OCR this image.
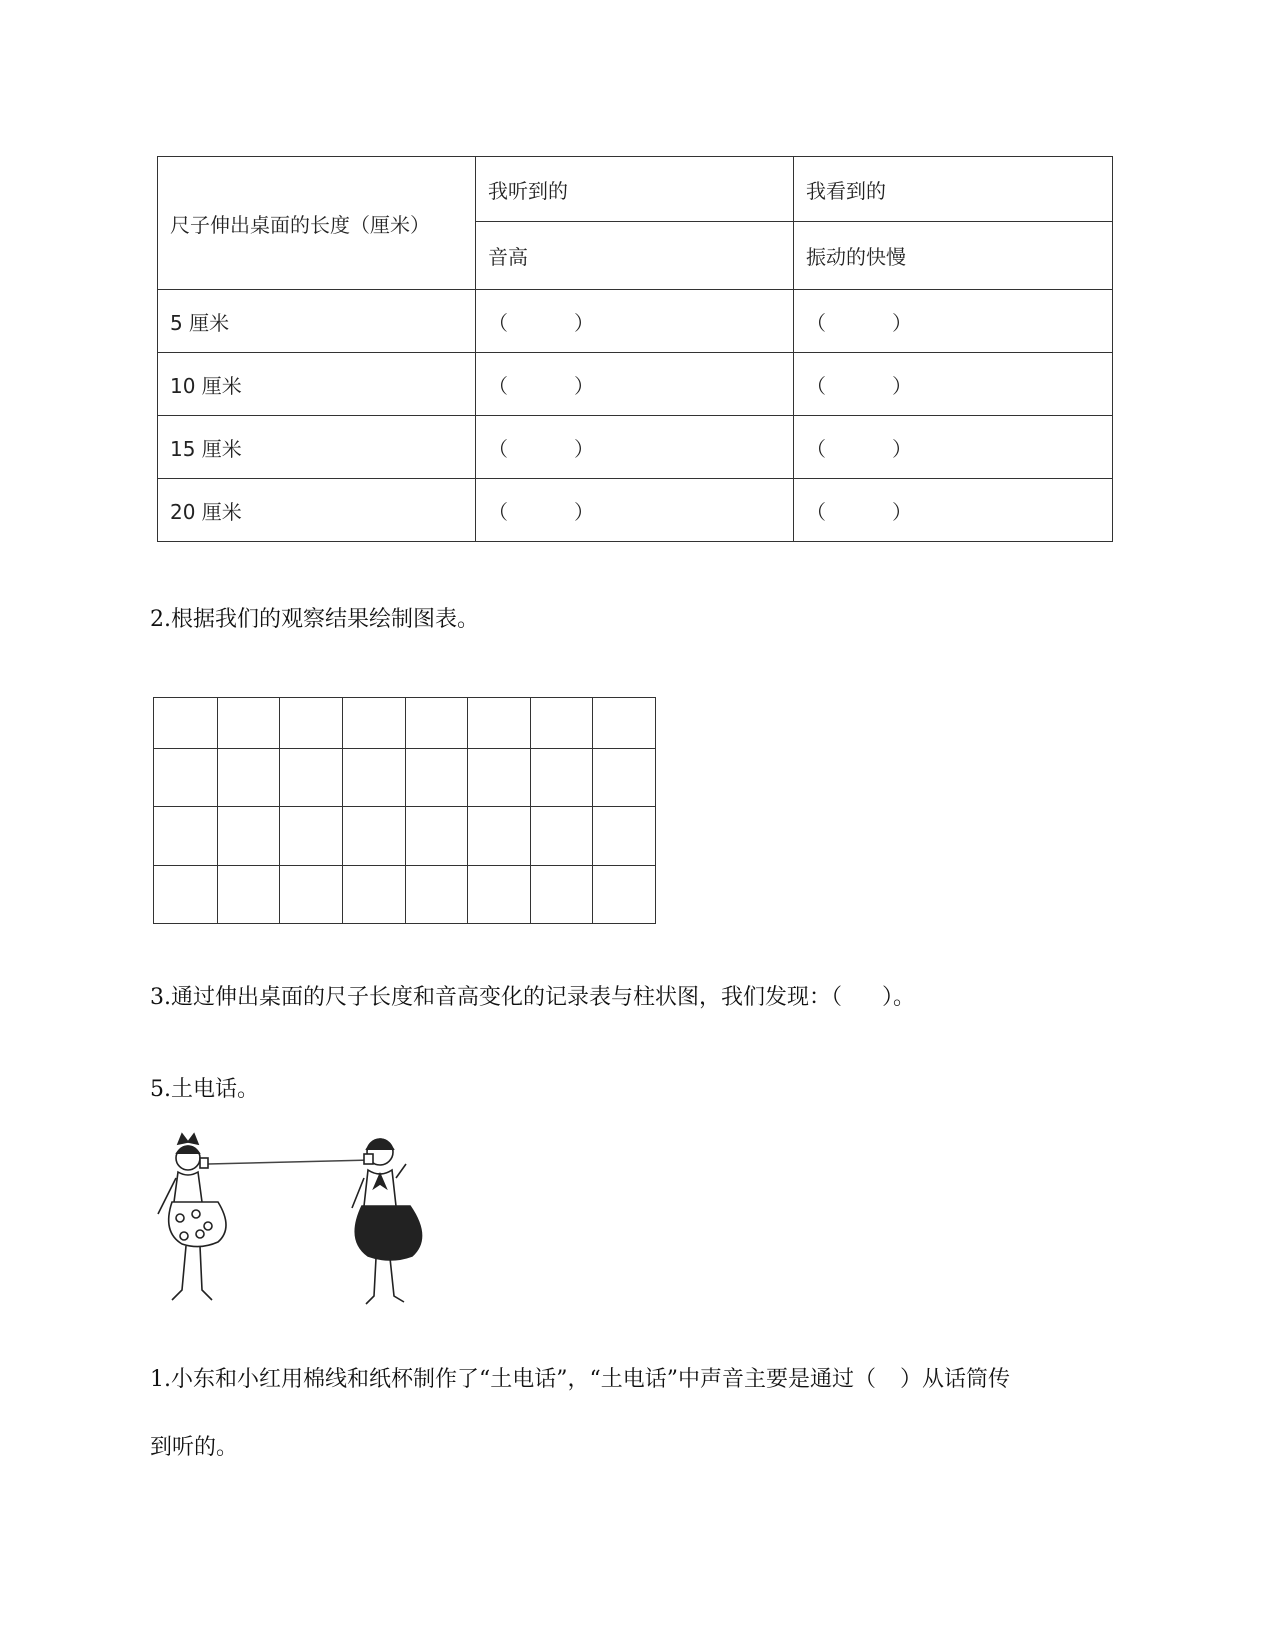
尺子伸出桌面的长度（厘米）	我听到的	我看到的
	音高	振动的快慢
5 厘米	（ ）	（ ）
10 厘米	（ ）	（ ）
15 厘米	（ ）	（ ）
20 厘米	（ ）	（ ）
2.根据我们的观察结果绘制图表。
3.通过伸出桌面的尺子长度和音高变化的记录表与柱状图，我们发现：（ ）。
5.土电话。
1.小东和小红用棉线和纸杯制作了“土电话”，“土电话”中声音主要是通过（ ）从话筒传
到听的。
